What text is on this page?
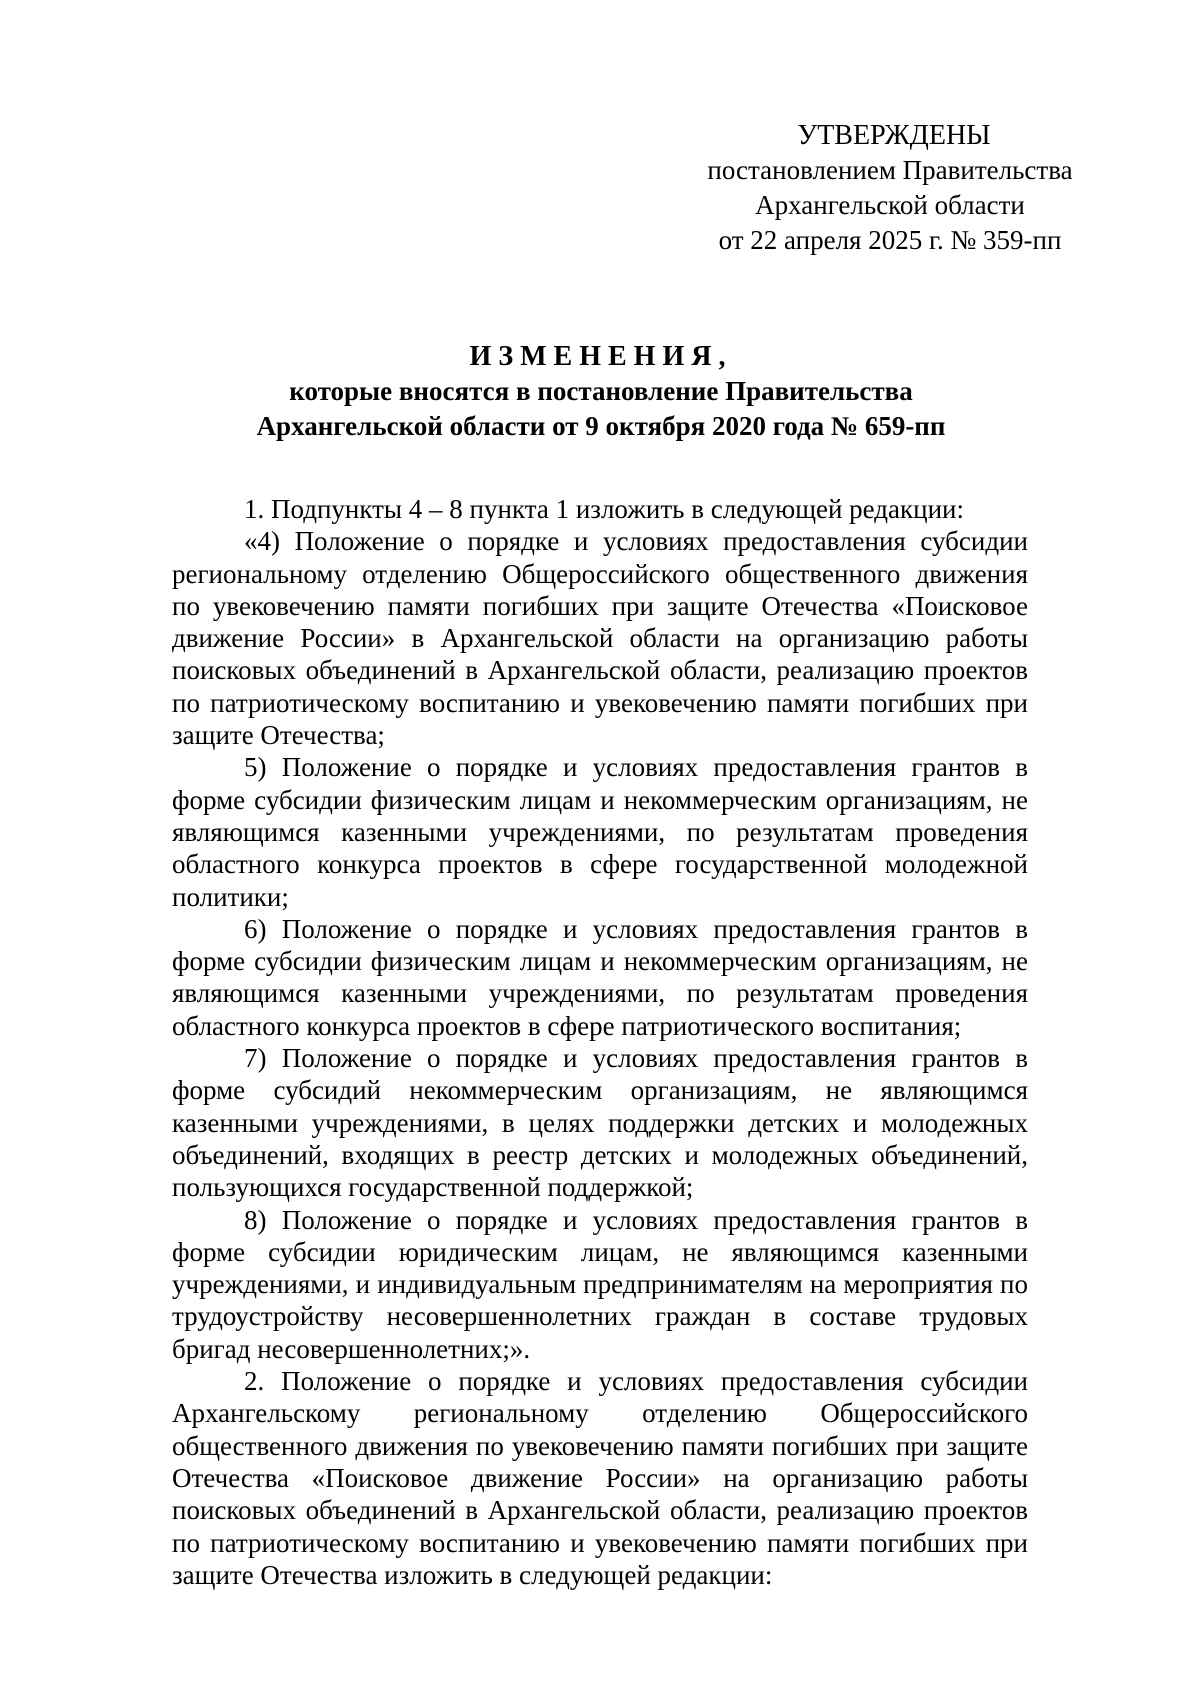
УТВЕРЖДЕНЫ
постановлением Правительства
Архангельской области
от 22 апреля 2025 г. № 359-пп
ИЗМЕНЕНИЯ,
которые вносятся в постановление Правительства
Архангельской области от 9 октября 2020 года № 659-пп

1. Подпункты 4 – 8 пункта 1 изложить в следующей редакции:

«4) Положение о порядке и условиях предоставления субсидии региональному отделению Общероссийского общественного движения по увековечению памяти погибших при защите Отечества «Поисковое движение России» в Архангельской области на организацию работы поисковых объединений в Архангельской области, реализацию проектов по патриотическому воспитанию и увековечению памяти погибших при защите Отечества;

5) Положение о порядке и условиях предоставления грантов в форме субсидии физическим лицам и некоммерческим организациям, не являющимся казенными учреждениями, по результатам проведения областного конкурса проектов в сфере государственной молодежной политики;

6) Положение о порядке и условиях предоставления грантов в форме субсидии физическим лицам и некоммерческим организациям, не являющимся казенными учреждениями, по результатам проведения областного конкурса проектов в сфере патриотического воспитания;

7) Положение о порядке и условиях предоставления грантов в форме субсидий некоммерческим организациям, не являющимся казенными учреждениями, в целях поддержки детских и молодежных объединений, входящих в реестр детских и молодежных объединений, пользующихся государственной поддержкой;

8) Положение о порядке и условиях предоставления грантов в форме субсидии юридическим лицам, не являющимся казенными учреждениями, и индивидуальным предпринимателям на мероприятия по трудоустройству несовершеннолетних граждан в составе трудовых бригад несовершеннолетних;».

2. Положение о порядке и условиях предоставления субсидии Архангельскому региональному отделению Общероссийского общественного движения по увековечению памяти погибших при защите Отечества «Поисковое движение России» на организацию работы поисковых объединений в Архангельской области, реализацию проектов по патриотическому воспитанию и увековечению памяти погибших при защите Отечества изложить в следующей редакции:
